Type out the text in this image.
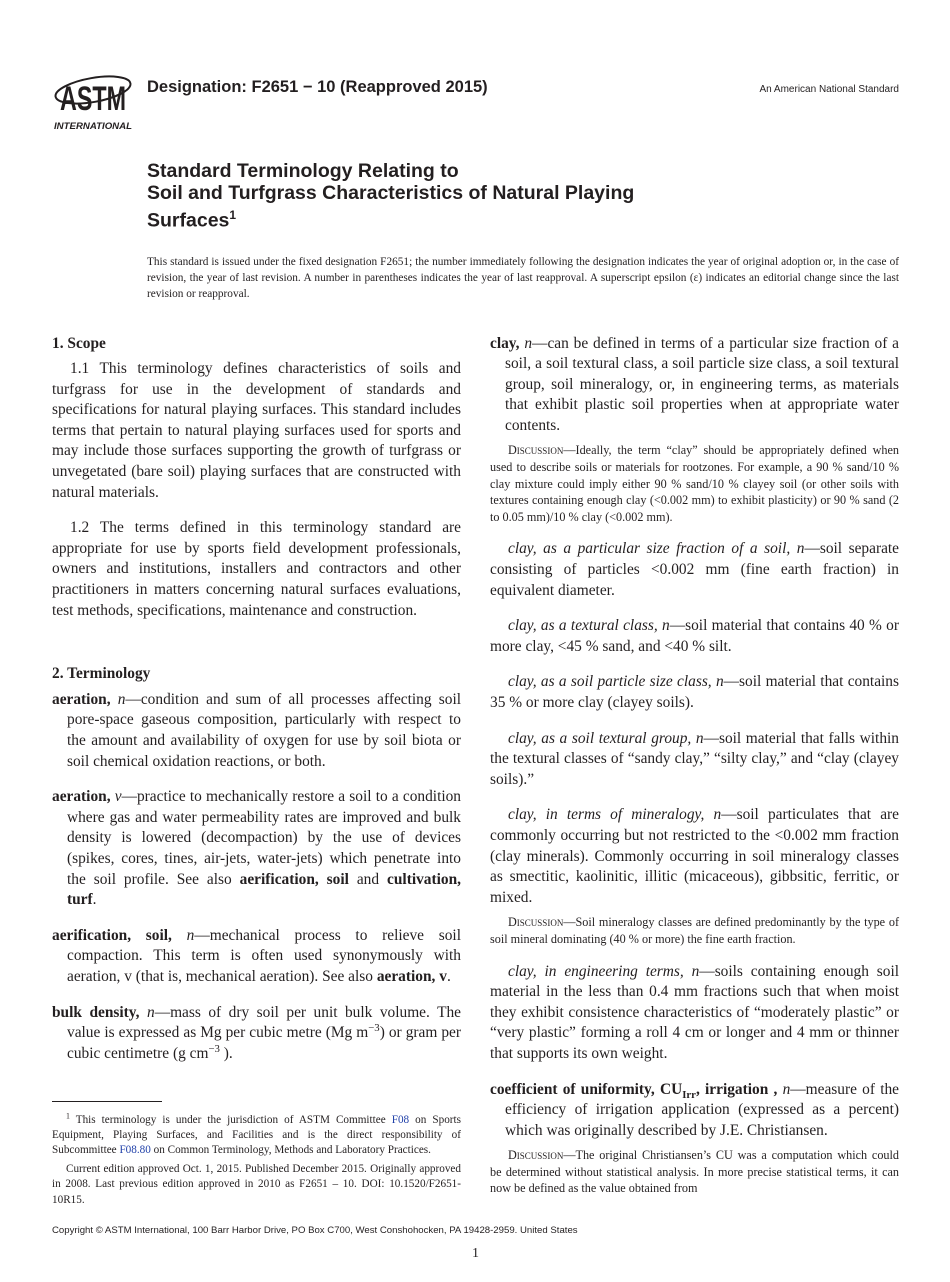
ASTM
INTERNATIONAL
Designation: F2651 − 10 (Reapproved 2015)	An American National Standard
Standard Terminology Relating to
Soil and Turfgrass Characteristics of Natural Playing
Surfaces$^1$
This standard is issued under the fixed designation F2651; the number immediately following the designation indicates the year of original adoption or, in the case of revision, the year of last revision. A number in parentheses indicates the year of last reapproval. A superscript epsilon (ε) indicates an editorial change since the last revision or reapproval.
1. Scope
1.1 This terminology defines characteristics of soils and turfgrass for use in the development of standards and specifications for natural playing surfaces. This standard includes terms that pertain to natural playing surfaces used for sports and may include those surfaces supporting the growth of turfgrass or unvegetated (bare soil) playing surfaces that are constructed with natural materials.
1.2 The terms defined in this terminology standard are appropriate for use by sports field development professionals, owners and institutions, installers and contractors and other practitioners in matters concerning natural surfaces evaluations, test methods, specifications, maintenance and construction.
2. Terminology
aeration, n—condition and sum of all processes affecting soil pore-space gaseous composition, particularly with respect to the amount and availability of oxygen for use by soil biota or soil chemical oxidation reactions, or both.
aeration, v—practice to mechanically restore a soil to a condition where gas and water permeability rates are improved and bulk density is lowered (decompaction) by the use of devices (spikes, cores, tines, air-jets, water-jets) which penetrate into the soil profile. See also aerification, soil and cultivation, turf.
aerification, soil, n—mechanical process to relieve soil compaction. This term is often used synonymously with aeration, v (that is, mechanical aeration). See also aeration, v.
bulk density, n—mass of dry soil per unit bulk volume. The value is expressed as Mg per cubic metre (Mg $m^{-3}$) or gram per cubic centimetre (g $cm^{-3}$ ).
$^1$ This terminology is under the jurisdiction of ASTM Committee F08 on Sports Equipment, Playing Surfaces, and Facilities and is the direct responsibility of Subcommittee F08.80 on Common Terminology, Methods and Laboratory Practices.
Current edition approved Oct. 1, 2015. Published December 2015. Originally approved in 2008. Last previous edition approved in 2010 as F2651 – 10. DOI: 10.1520/F2651-10R15.
clay, n—can be defined in terms of a particular size fraction of a soil, a soil textural class, a soil particle size class, a soil textural group, soil mineralogy, or, in engineering terms, as materials that exhibit plastic soil properties when at appropriate water contents.
Discussion—Ideally, the term “clay” should be appropriately defined when used to describe soils or materials for rootzones. For example, a 90 % sand/10 % clay mixture could imply either 90 % sand/10 % clayey soil (or other soils with textures containing enough clay (<0.002 mm) to exhibit plasticity) or 90 % sand (2 to 0.05 mm)/10 % clay (<0.002 mm).
clay, as a particular size fraction of a soil, n—soil separate consisting of particles <0.002 mm (fine earth fraction) in equivalent diameter.
clay, as a textural class, n—soil material that contains 40 % or more clay, <45 % sand, and <40 % silt.
clay, as a soil particle size class, n—soil material that contains 35 % or more clay (clayey soils).
clay, as a soil textural group, n—soil material that falls within the textural classes of “sandy clay,” “silty clay,” and “clay (clayey soils).”
clay, in terms of mineralogy, n—soil particulates that are commonly occurring but not restricted to the <0.002 mm fraction (clay minerals). Commonly occurring in soil mineralogy classes as smectitic, kaolinitic, illitic (micaceous), gibbsitic, ferritic, or mixed.
Discussion—Soil mineralogy classes are defined predominantly by the type of soil mineral dominating (40 % or more) the fine earth fraction.
clay, in engineering terms, n—soils containing enough soil material in the less than 0.4 mm fractions such that when moist they exhibit consistence characteristics of “moderately plastic” or “very plastic” forming a roll 4 cm or longer and 4 mm or thinner that supports its own weight.
coefficient of uniformity, $CU_{Irr}$, irrigation , n—measure of the efficiency of irrigation application (expressed as a percent) which was originally described by J.E. Christiansen.
Discussion—The original Christiansen’s CU was a computation which could be determined without statistical analysis. In more precise statistical terms, it can now be defined as the value obtained from
Copyright © ASTM International, 100 Barr Harbor Drive, PO Box C700, West Conshohocken, PA 19428-2959. United States
1
